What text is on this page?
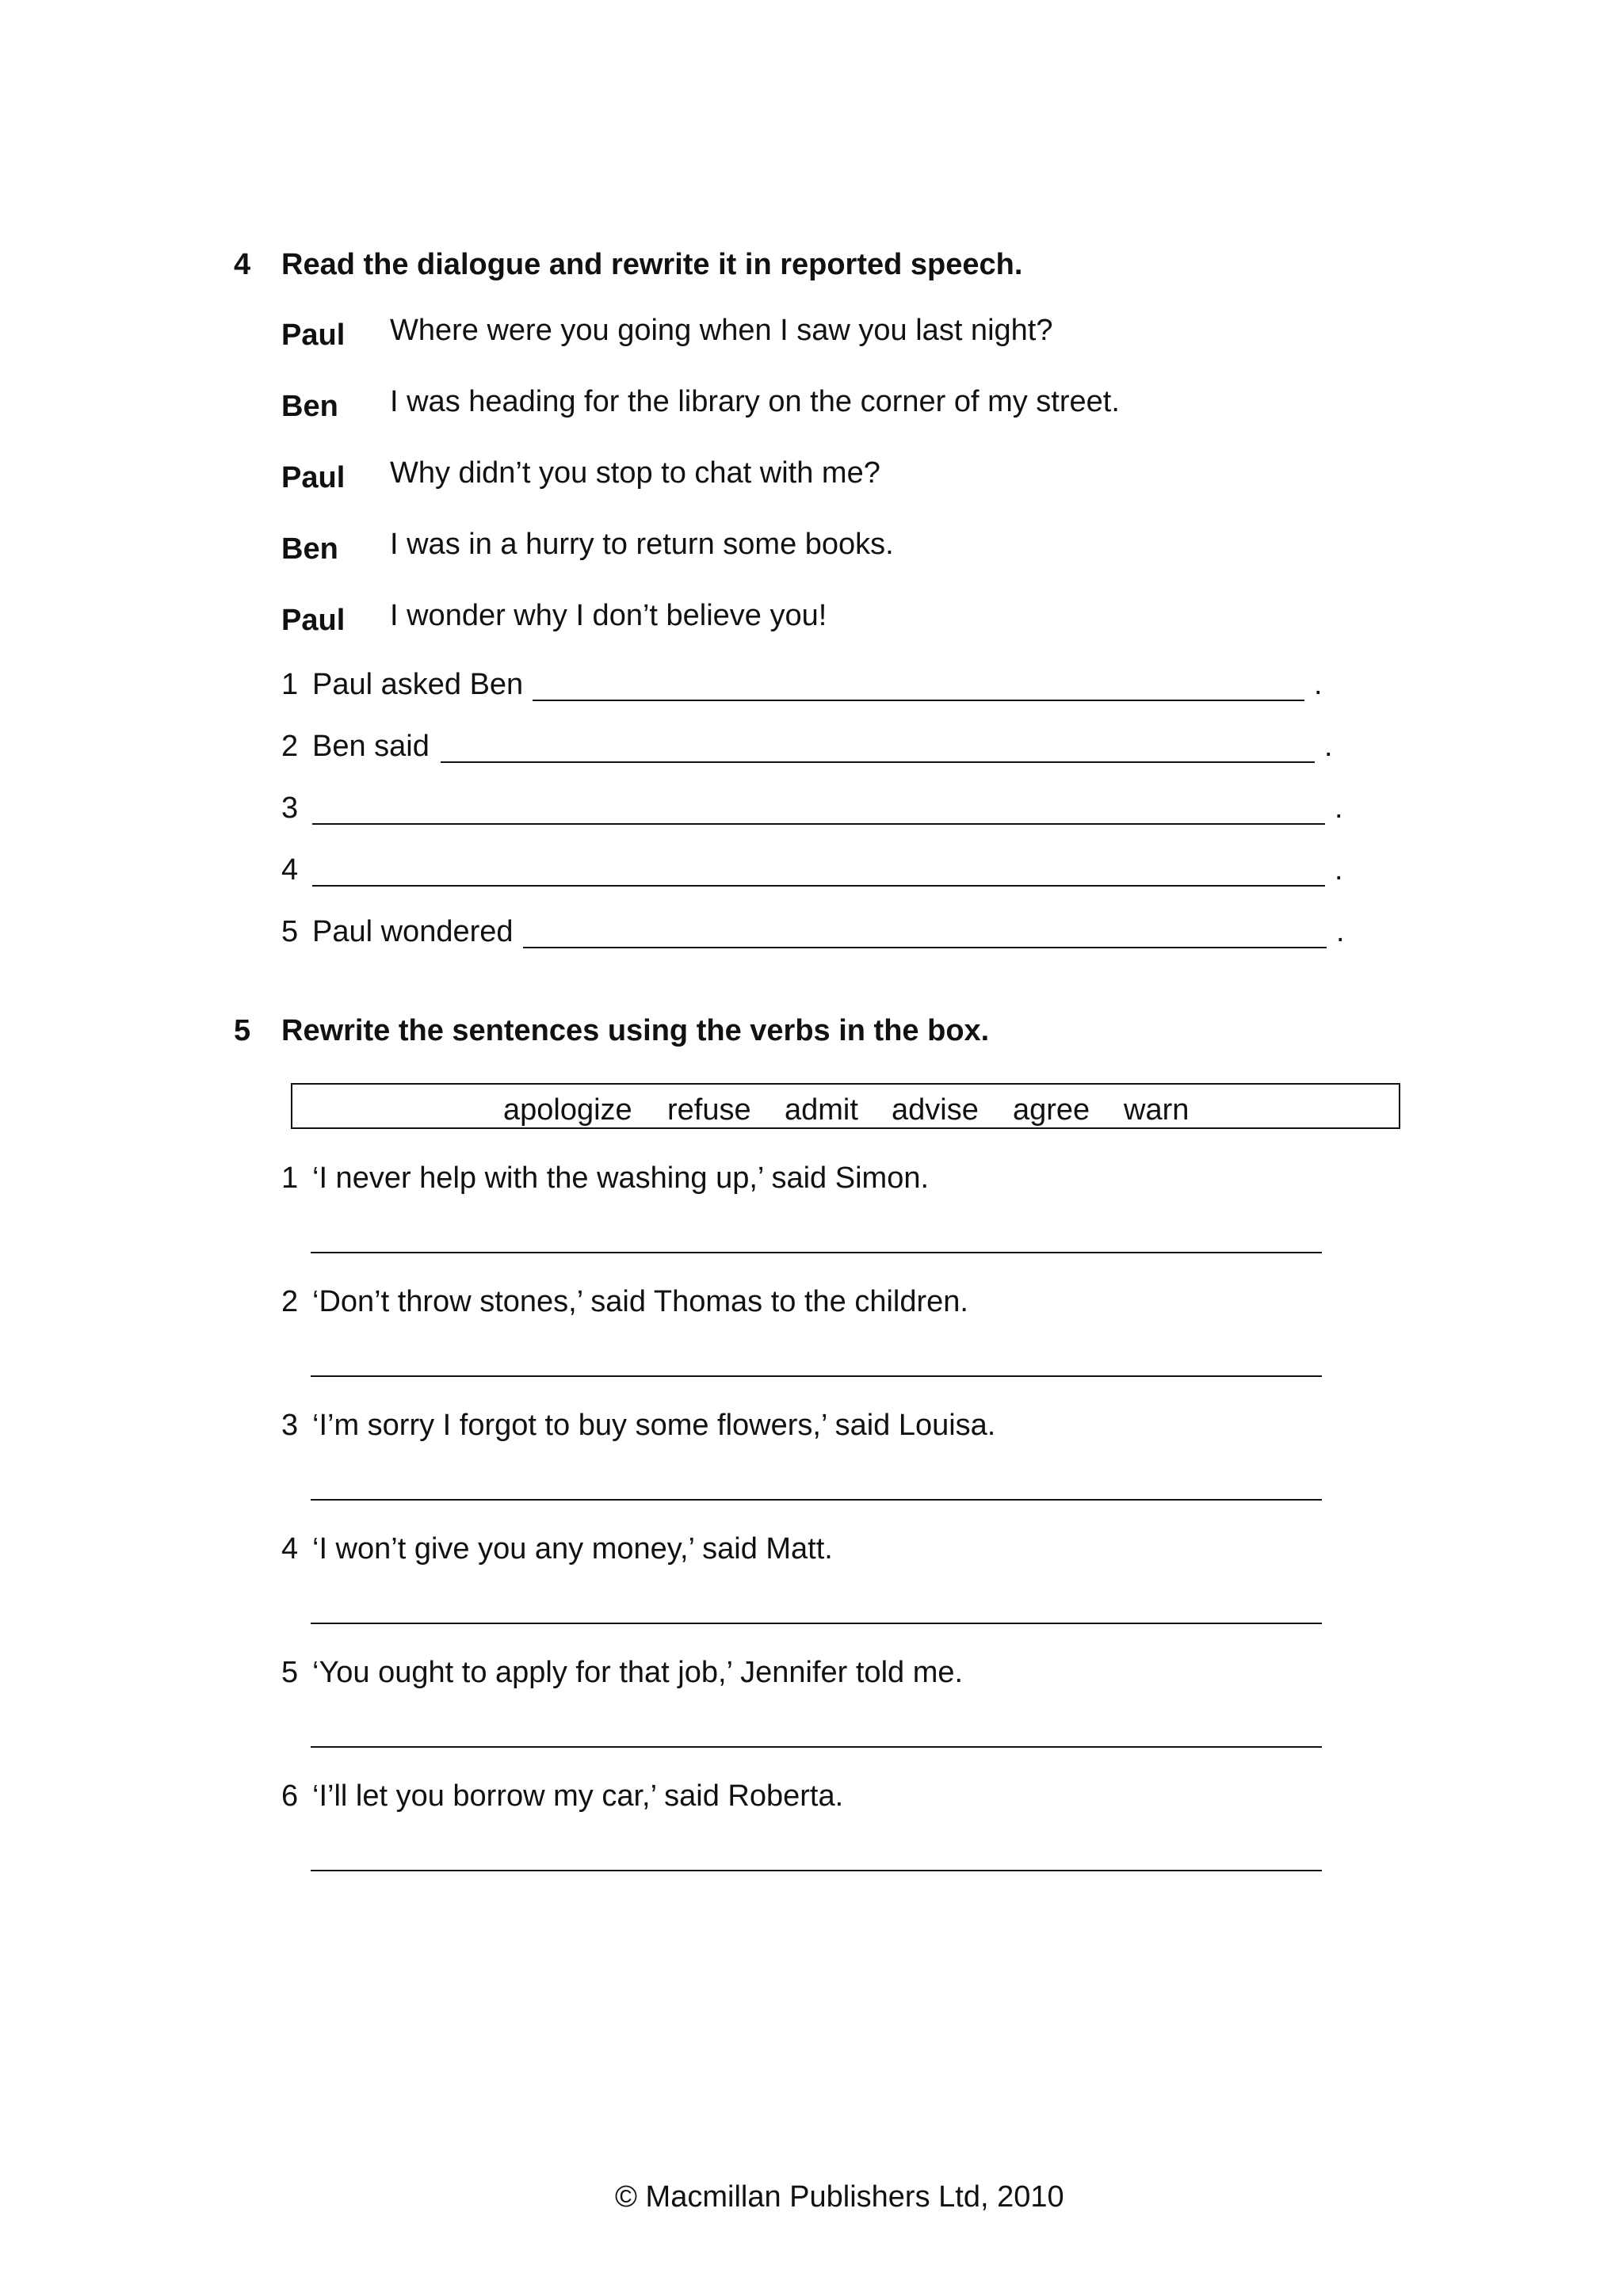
4 Read the dialogue and rewrite it in reported speech.
Paul Where were you going when I saw you last night?
Ben I was heading for the library on the corner of my street.
Paul Why didn’t you stop to chat with me?
Ben I was in a hurry to return some books.
Paul I wonder why I don’t believe you!
1 Paul asked Ben	.
2 Ben said	.
3	.
4	.
5 Paul wondered	.
5 Rewrite the sentences using the verbs in the box.
apologize refuse admit advise agree warn
1 ‘I never help with the washing up,’ said Simon.
2 ‘Don’t throw stones,’ said Thomas to the children.
3 ‘I’m sorry I forgot to buy some flowers,’ said Louisa.
4 ‘I won’t give you any money,’ said Matt.
5 ‘You ought to apply for that job,’ Jennifer told me.
6 ‘I’ll let you borrow my car,’ said Roberta.
© Macmillan Publishers Ltd, 2010
